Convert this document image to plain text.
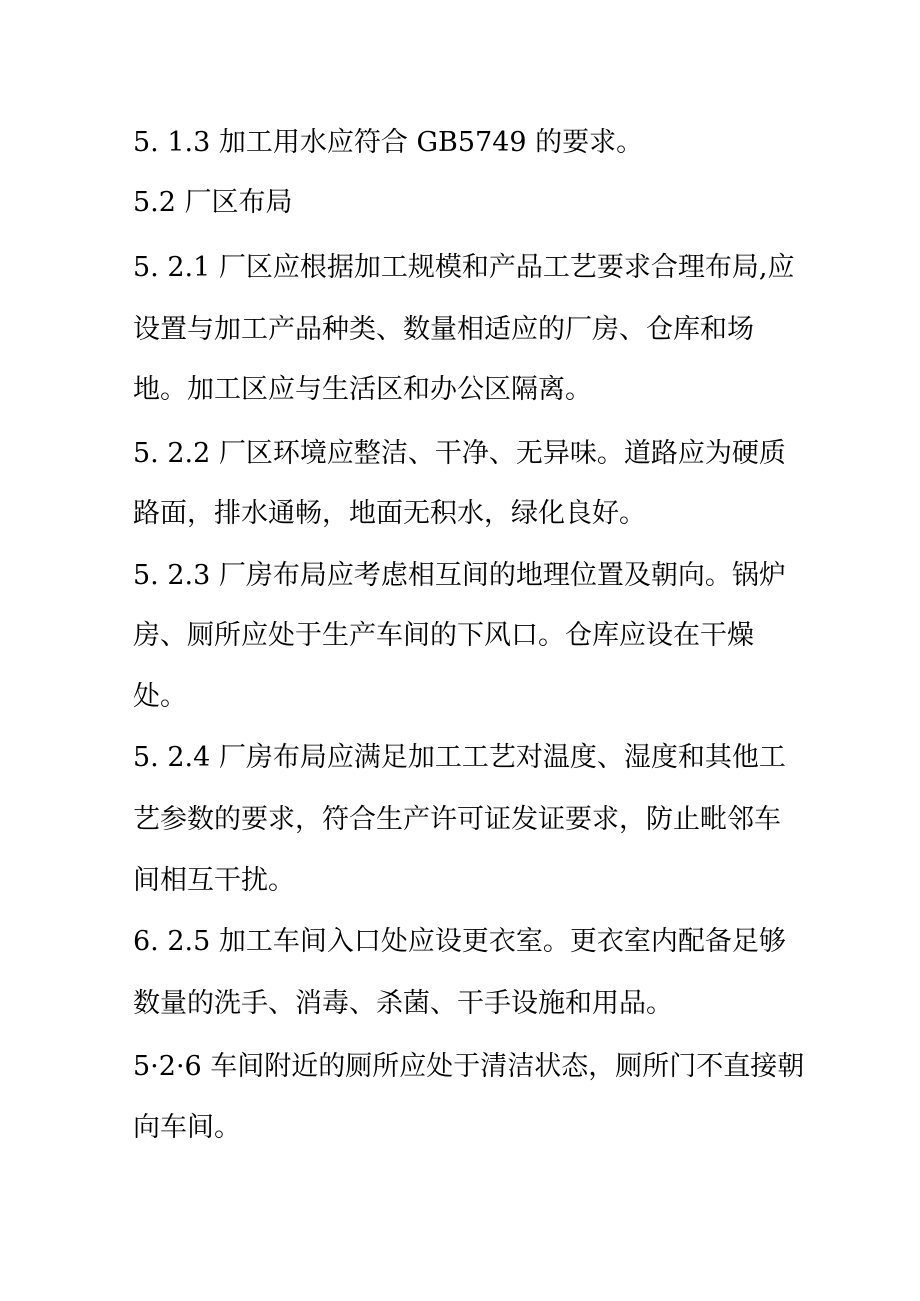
5. 1.3 加工用水应符合 GB5749 的要求。

5.2 厂区布局

5. 2.1 厂区应根据加工规模和产品工艺要求合理布局,应

设置与加工产品种类、数量相适应的厂房、仓库和场

地。加工区应与生活区和办公区隔离。

5. 2.2 厂区环境应整洁、干净、无异味。道路应为硬质

路面，排水通畅，地面无积水，绿化良好。

5. 2.3 厂房布局应考虑相互间的地理位置及朝向。锅炉

房、厕所应处于生产车间的下风口。仓库应设在干燥

处。

5. 2.4 厂房布局应满足加工工艺对温度、湿度和其他工

艺参数的要求，符合生产许可证发证要求，防止毗邻车

间相互干扰。

6. 2.5 加工车间入口处应设更衣室。更衣室内配备足够

数量的洗手、消毒、杀菌、干手设施和用品。

5·2·6 车间附近的厕所应处于清洁状态，厕所门不直接朝

向车间。
